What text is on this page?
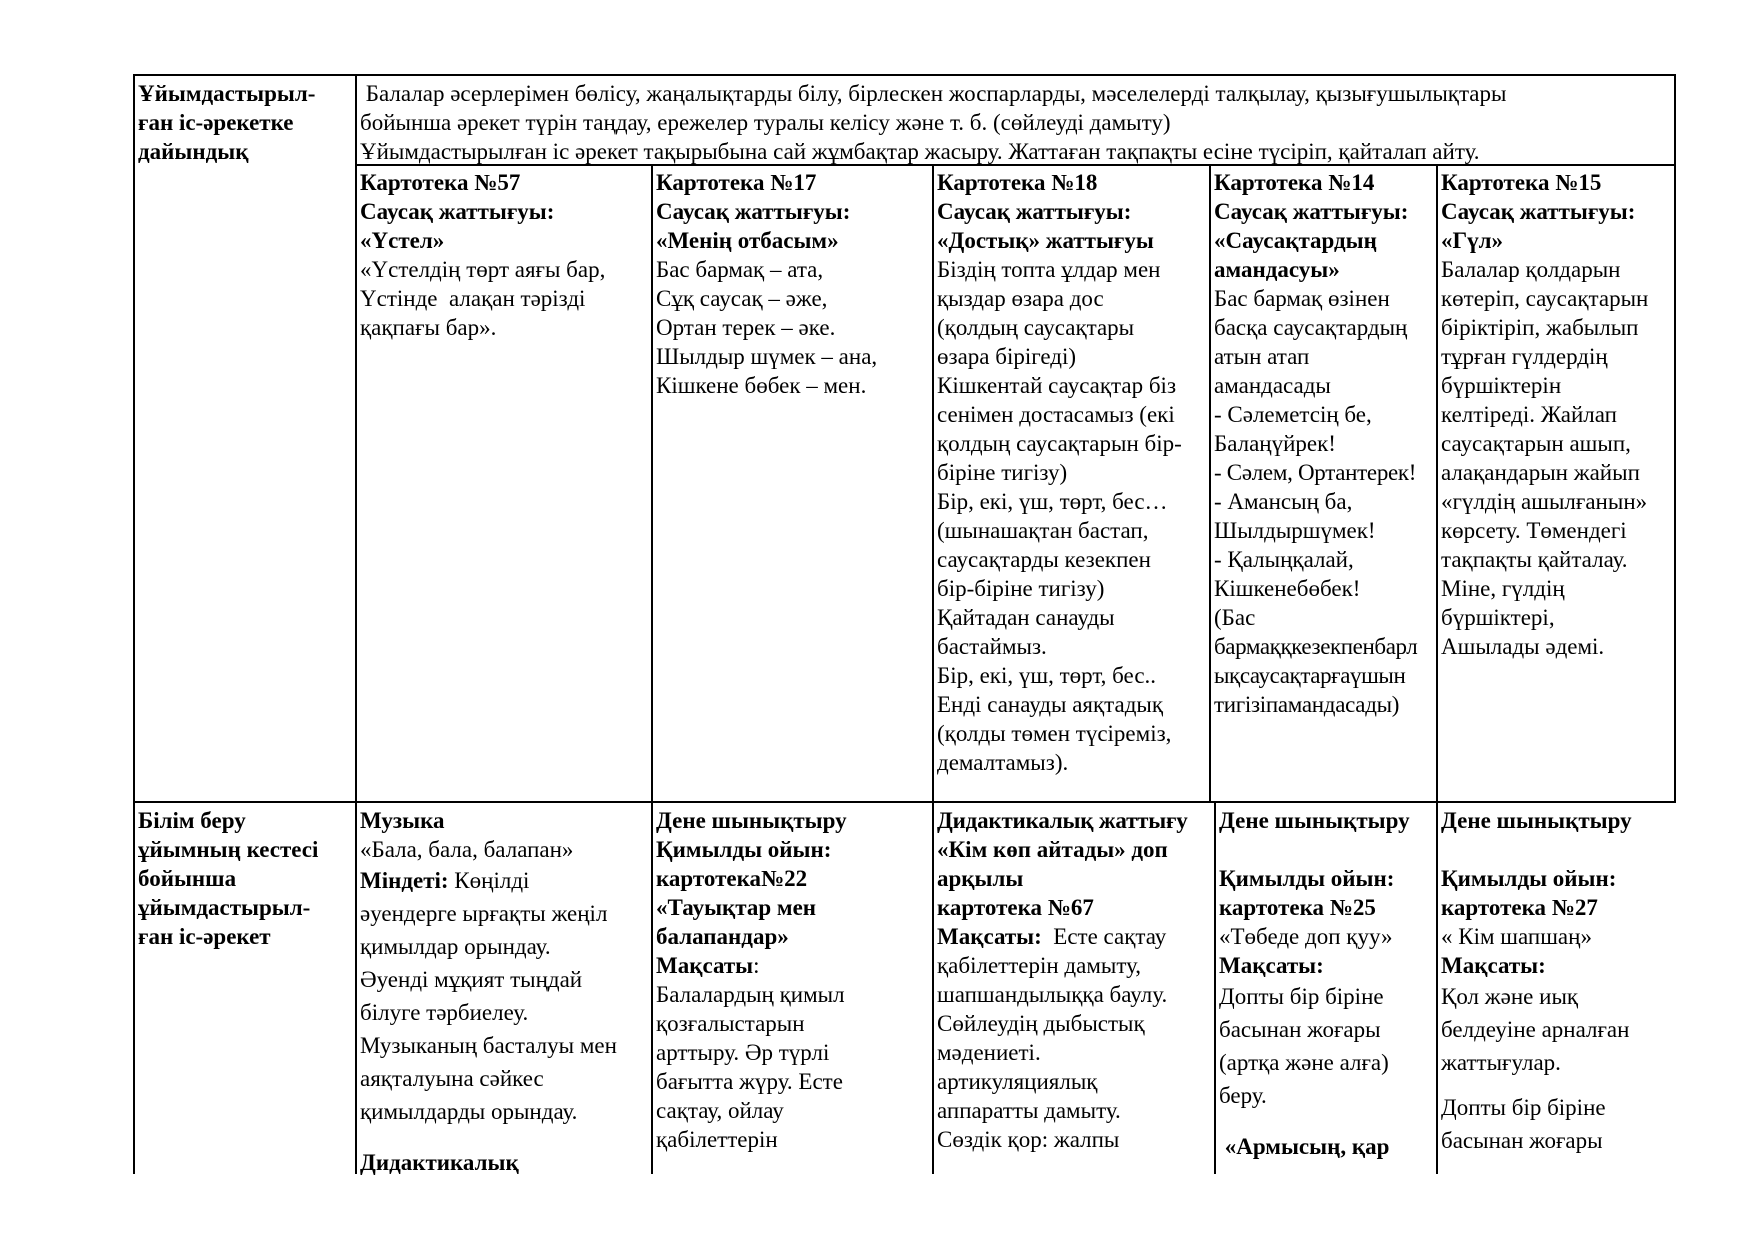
Ұйымдастырыл-
ған іс-әрекетке
дайындық
Балалар әсерлерімен бөлісу, жаңалықтарды білу, бірлескен жоспарларды, мәселелерді талқылау, қызығушылықтары
бойынша әрекет түрін таңдау, ережелер туралы келісу және т. б. (сөйлеуді дамыту)
Ұйымдастырылған іс әрекет тақырыбына сай жұмбақтар жасыру. Жаттаған тақпақты есіне түсіріп, қайталап айту.
Картотека №57
Саусақ жаттығуы:
«Үстел»
«Үстелдің төрт аяғы бар,
Үстінде  алақан тәрізді
қақпағы бар».
Картотека №17
Саусақ жаттығуы:
«Менің отбасым»
Бас бармақ – ата,
Сұқ саусақ – әже,
Ортан терек – әке.
Шылдыр шүмек – ана,
Кішкене бөбек – мен.
Картотека №18
Саусақ жаттығуы:
«Достық» жаттығуы
Біздің топта ұлдар мен
қыздар өзара дос
(қолдың саусақтары
өзара бірігеді)
Кішкентай саусақтар біз
сенімен достасамыз (екі
қолдың саусақтарын бір-
біріне тигізу)
Бір, екі, үш, төрт, бес…
(шынашақтан бастап,
саусақтарды кезекпен
бір-біріне тигізу)
Қайтадан санауды
бастаймыз.
Бір, екі, үш, төрт, бес..
Енді санауды аяқтадық
(қолды төмен түсіреміз,
демалтамыз).
Картотека №14
Саусақ жаттығуы:
«Саусақтардың
амандасуы»
Бас бармақ өзінен
басқа саусақтардың
атын атап
амандасады
- Сәлеметсің бе,
Балаңүйрек!
- Сәлем, Ортантерек!
- Амансың ба,
Шылдыршүмек!
- Қалыңқалай,
Кішкенебөбек!
(Бас
бармаққкезекпенбарл
ықсаусақтарғаүшын
тигізіпамандасады)
Картотека №15
Саусақ жаттығуы:
«Гүл»
Балалар қолдарын
көтеріп, саусақтарын
біріктіріп, жабылып
тұрған гүлдердің
бүршіктерін
келтіреді. Жайлап
саусақтарын ашып,
алақандарын жайып
«гүлдің ашылғанын»
көрсету. Төмендегі
тақпақты қайталау.
Міне, гүлдің
бүршіктері,
Ашылады әдемі.
Білім беру
ұйымның кестесі
бойынша
ұйымдастырыл-
ған іс-әрекет
Музыка
«Бала, бала, балапан»
Міндеті: Көңілді
әуендерге ырғақты жеңіл
қимылдар орындау.
Әуенді мұқият тыңдай
білуге тәрбиелеу.
Музыканың басталуы мен
аяқталуына сәйкес
қимылдарды орындау.
Дидактикалық
Дене шынықтыру
Қимылды ойын:
картотека№22
«Тауықтар мен
балапандар»
Мақсаты:
Балалардың қимыл
қозғалыстарын
арттыру. Әр түрлі
бағытта жүру. Есте
сақтау, ойлау
қабілеттерін
Дидактикалық жаттығу
«Кім көп айтады» доп
арқылы
картотека №67
Мақсаты:  Есте сақтау
қабілеттерін дамыту,
шапшандылыққа баулу.
Сөйлеудің дыбыстық
мәдениеті.
артикуляциялық
аппаратты дамыту.
Сөздік қор: жалпы
Дене шынықтыру
Қимылды ойын:
картотека №25
«Төбеде доп қуу»
Мақсаты:
Допты бір біріне
басынан жоғары
(артқа және алға)
беру.
«Армысың, қар
Дене шынықтыру
Қимылды ойын:
картотека №27
« Кім шапшаң»
Мақсаты:
Қол және иық
белдеуіне арналған
жаттығулар.
Допты бір біріне
басынан жоғары
